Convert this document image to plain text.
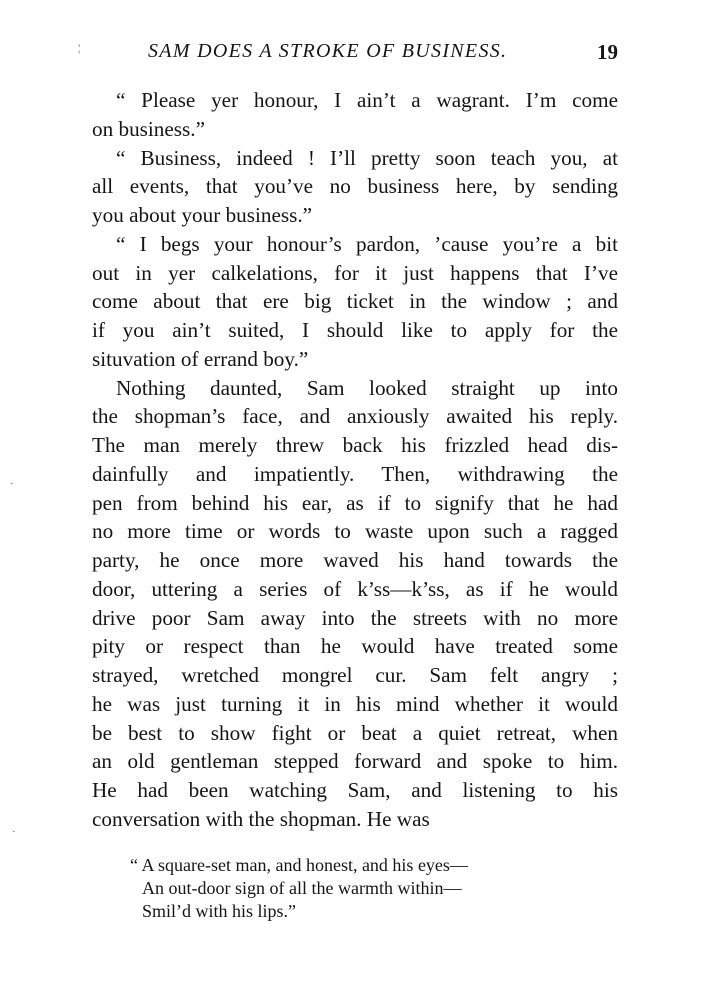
¦
·
·
SAM DOES A STROKE OF BUSINESS.	19
“ Please yer honour, I ain’t a wagrant. I’m come
on business.”
“ Business, indeed ! I’ll pretty soon teach you, at
all events, that you’ve no business here, by sending
you about your business.”
“ I begs your honour’s pardon, ’cause you’re a bit
out in yer calkelations, for it just happens that I’ve
come about that ere big ticket in the window ; and
if you ain’t suited, I should like to apply for the
situvation of errand boy.”
Nothing daunted, Sam looked straight up into
the shopman’s face, and anxiously awaited his reply.
The man merely threw back his frizzled head dis-
dainfully and impatiently. Then, withdrawing the
pen from behind his ear, as if to signify that he had
no more time or words to waste upon such a ragged
party, he once more waved his hand towards the
door, uttering a series of k’ss—k’ss, as if he would
drive poor Sam away into the streets with no more
pity or respect than he would have treated some
strayed, wretched mongrel cur. Sam felt angry ;
he was just turning it in his mind whether it would
be best to show fight or beat a quiet retreat, when
an old gentleman stepped forward and spoke to him.
He had been watching Sam, and listening to his
conversation with the shopman. He was
“ A square-set man, and honest, and his eyes—
An out-door sign of all the warmth within—
Smil’d with his lips.”
